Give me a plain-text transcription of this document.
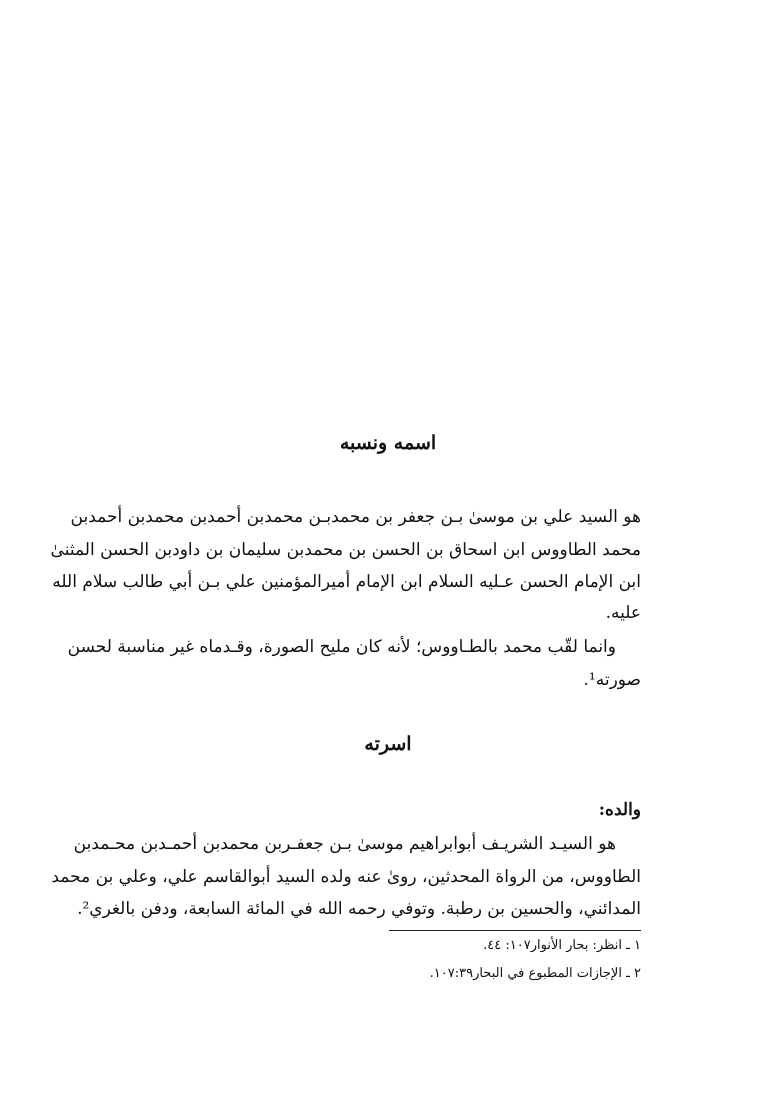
اسمه ونسبه
هو السيد علي بن موسىٰ بـن جعفر بن محمدبـن محمدبن أحمدبن محمدبن أحمدبن
محمد الطاووس ابن اسحاق بن الحسن بن محمدبن سليمان بن داودبن الحسن المثنىٰ
ابن الإمام الحسن عـليه السلام ابن الإمام أميرالمؤمنين علي بـن أبي طالب سلام الله
عليه.
وانما لقّب محمد بالطـاووس؛ لأنه كان مليح الصورة، وقـدماه غير مناسبة لحسن
صورته¹.
اسرته
والده:
هو السيـد الشريـف أبوابراهيم موسىٰ بـن جعفـربن محمدبن أحمـدبن محـمدبن
الطاووس، من الرواة المحدثين، روىٰ عنه ولده السيد أبوالقاسم علي، وعلي بن محمد
المدائني، والحسين بن رطبة. وتوفي رحمه الله في المائة السابعة، ودفن بالغري².
١ ـ انظر: بحار الأنوار١٠٧: ٤٤.
٢ ـ الإجازات المطبوع في البحار١٠٧:٣٩.
